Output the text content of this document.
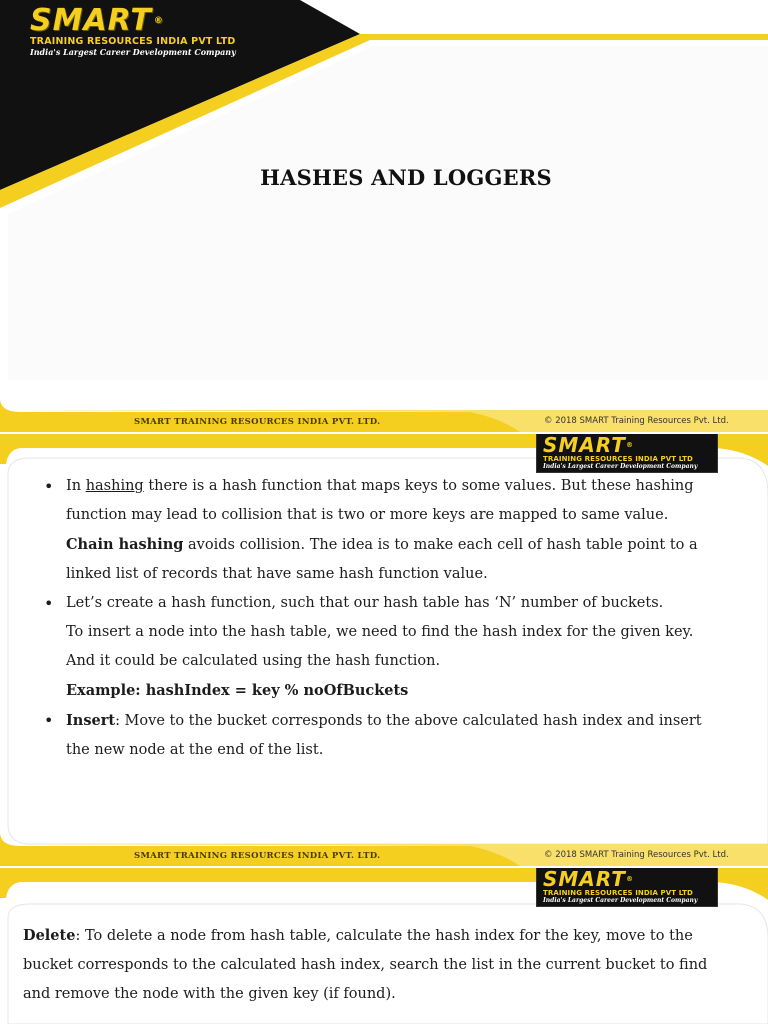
SMART ®
TRAINING RESOURCES INDIA PVT LTD
India's Largest Career Development Company
HASHES AND LOGGERS
SMART TRAINING RESOURCES INDIA PVT. LTD.	© 2018 SMART Training Resources Pvt. Ltd.
SMART®
TRAINING RESOURCES INDIA PVT LTD
India's Largest Career Development Company
• In hashing there is a hash function that maps keys to some values. But these hashing function may lead to collision that is two or more keys are mapped to same value. Chain hashing avoids collision. The idea is to make each cell of hash table point to a linked list of records that have same hash function value.
• Let’s create a hash function, such that our hash table has ‘N’ number of buckets.
To insert a node into the hash table, we need to find the hash index for the given key. And it could be calculated using the hash function.
Example: hashIndex = key % noOfBuckets
• Insert: Move to the bucket corresponds to the above calculated hash index and insert the new node at the end of the list.
SMART TRAINING RESOURCES INDIA PVT. LTD.	© 2018 SMART Training Resources Pvt. Ltd.
SMART®
TRAINING RESOURCES INDIA PVT LTD
India's Largest Career Development Company

Delete: To delete a node from hash table, calculate the hash index for the key, move to the bucket corresponds to the calculated hash index, search the list in the current bucket to find and remove the node with the given key (if found).
